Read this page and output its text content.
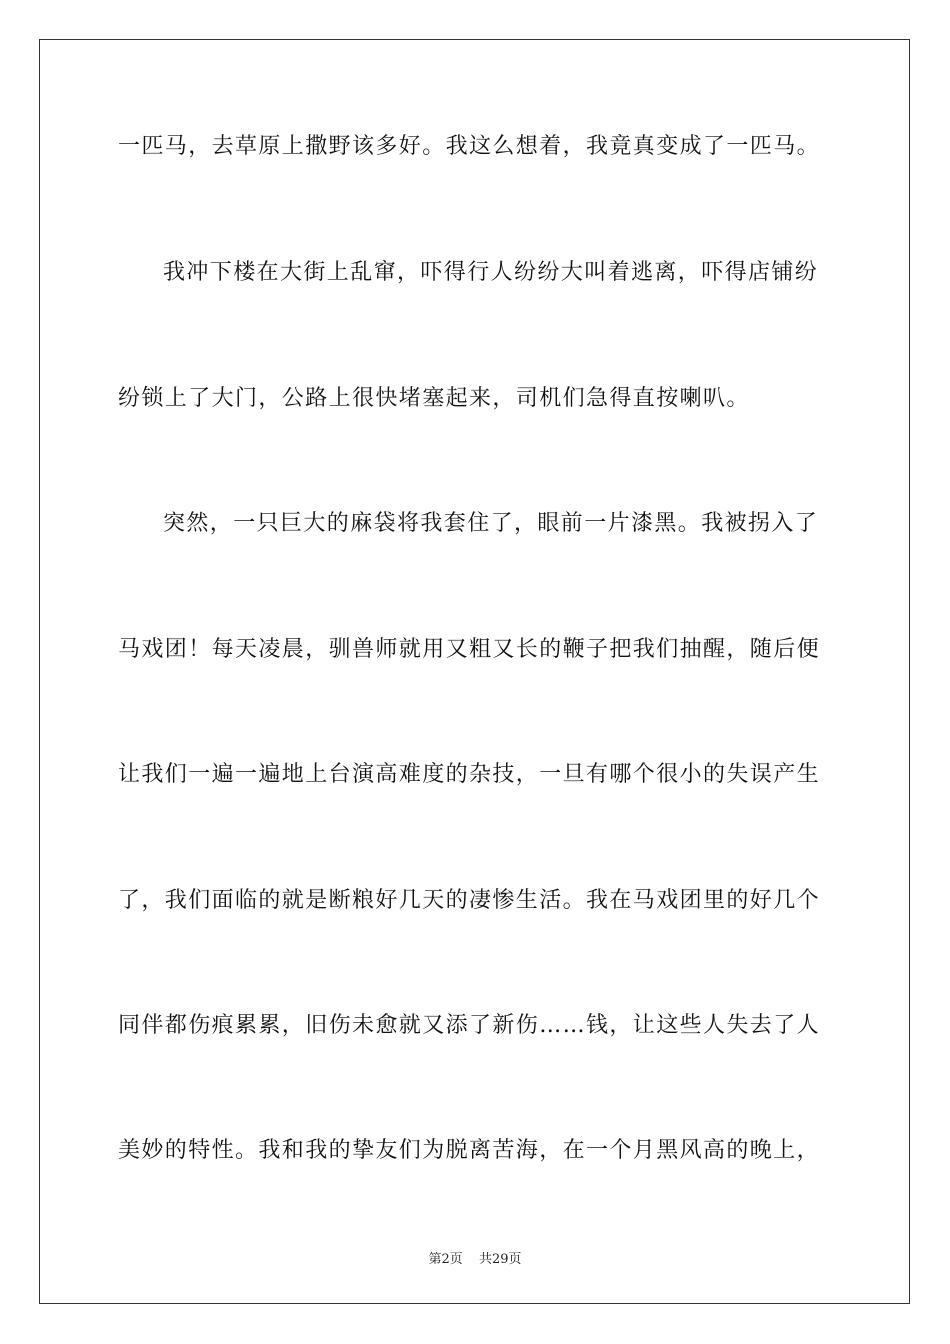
一匹马，去草原上撒野该多好。我这么想着，我竟真变成了一匹马。
我冲下楼在大街上乱窜，吓得行人纷纷大叫着逃离，吓得店铺纷
纷锁上了大门，公路上很快堵塞起来，司机们急得直按喇叭。
突然，一只巨大的麻袋将我套住了，眼前一片漆黑。我被拐入了
马戏团！每天凌晨，驯兽师就用又粗又长的鞭子把我们抽醒，随后便
让我们一遍一遍地上台演高难度的杂技，一旦有哪个很小的失误产生
了，我们面临的就是断粮好几天的凄惨生活。我在马戏团里的好几个
同伴都伤痕累累，旧伤未愈就又添了新伤……钱，让这些人失去了人
美妙的特性。我和我的挚友们为脱离苦海，在一个月黑风高的晚上，
第2页 共29页
